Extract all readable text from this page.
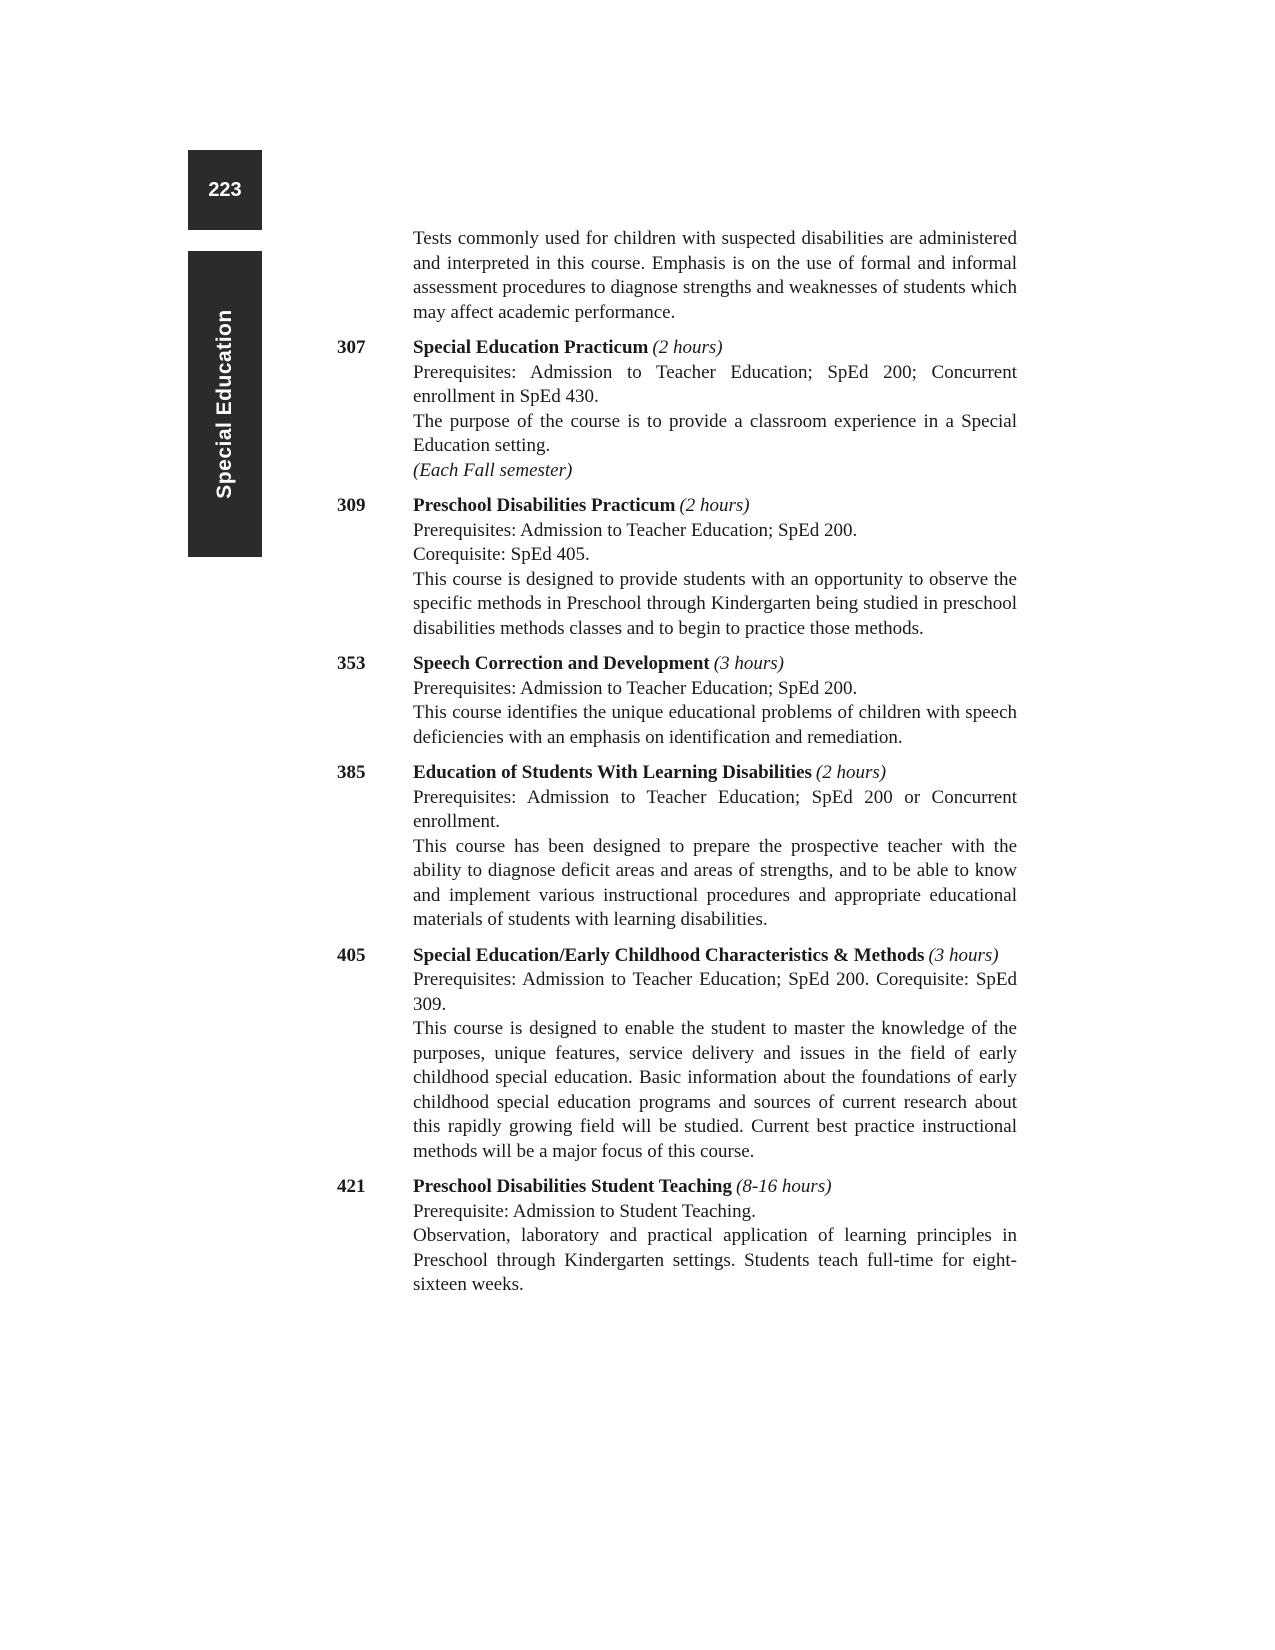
223
Special Education

Tests commonly used for children with suspected disabilities are administered and interpreted in this course. Emphasis is on the use of formal and informal assessment procedures to diagnose strengths and weaknesses of students which may affect academic performance.

307	Special Education Practicum (2 hours)

Prerequisites: Admission to Teacher Education; SpEd 200; Concurrent enrollment in SpEd 430.

The purpose of the course is to provide a classroom experience in a Special Education setting.

(Each Fall semester)

309	Preschool Disabilities Practicum (2 hours)

Prerequisites: Admission to Teacher Education; SpEd 200.

Corequisite: SpEd 405.

This course is designed to provide students with an opportunity to observe the specific methods in Preschool through Kindergarten being studied in preschool disabilities methods classes and to begin to practice those methods.

353	Speech Correction and Development (3 hours)

Prerequisites: Admission to Teacher Education; SpEd 200.

This course identifies the unique educational problems of children with speech deficiencies with an emphasis on identification and remediation.

385	Education of Students With Learning Disabilities (2 hours)

Prerequisites: Admission to Teacher Education; SpEd 200 or Concurrent enrollment.

This course has been designed to prepare the prospective teacher with the ability to diagnose deficit areas and areas of strengths, and to be able to know and implement various instructional procedures and appropriate educational materials of students with learning disabilities.

405	Special Education/Early Childhood Characteristics & Methods (3 hours)

Prerequisites: Admission to Teacher Education; SpEd 200. Corequisite: SpEd 309.

This course is designed to enable the student to master the knowledge of the purposes, unique features, service delivery and issues in the field of early childhood special education. Basic information about the foundations of early childhood special education programs and sources of current research about this rapidly growing field will be studied. Current best practice instructional methods will be a major focus of this course.

421	Preschool Disabilities Student Teaching (8-16 hours)

Prerequisite: Admission to Student Teaching.

Observation, laboratory and practical application of learning principles in Preschool through Kindergarten settings. Students teach full-time for eight-sixteen weeks.
